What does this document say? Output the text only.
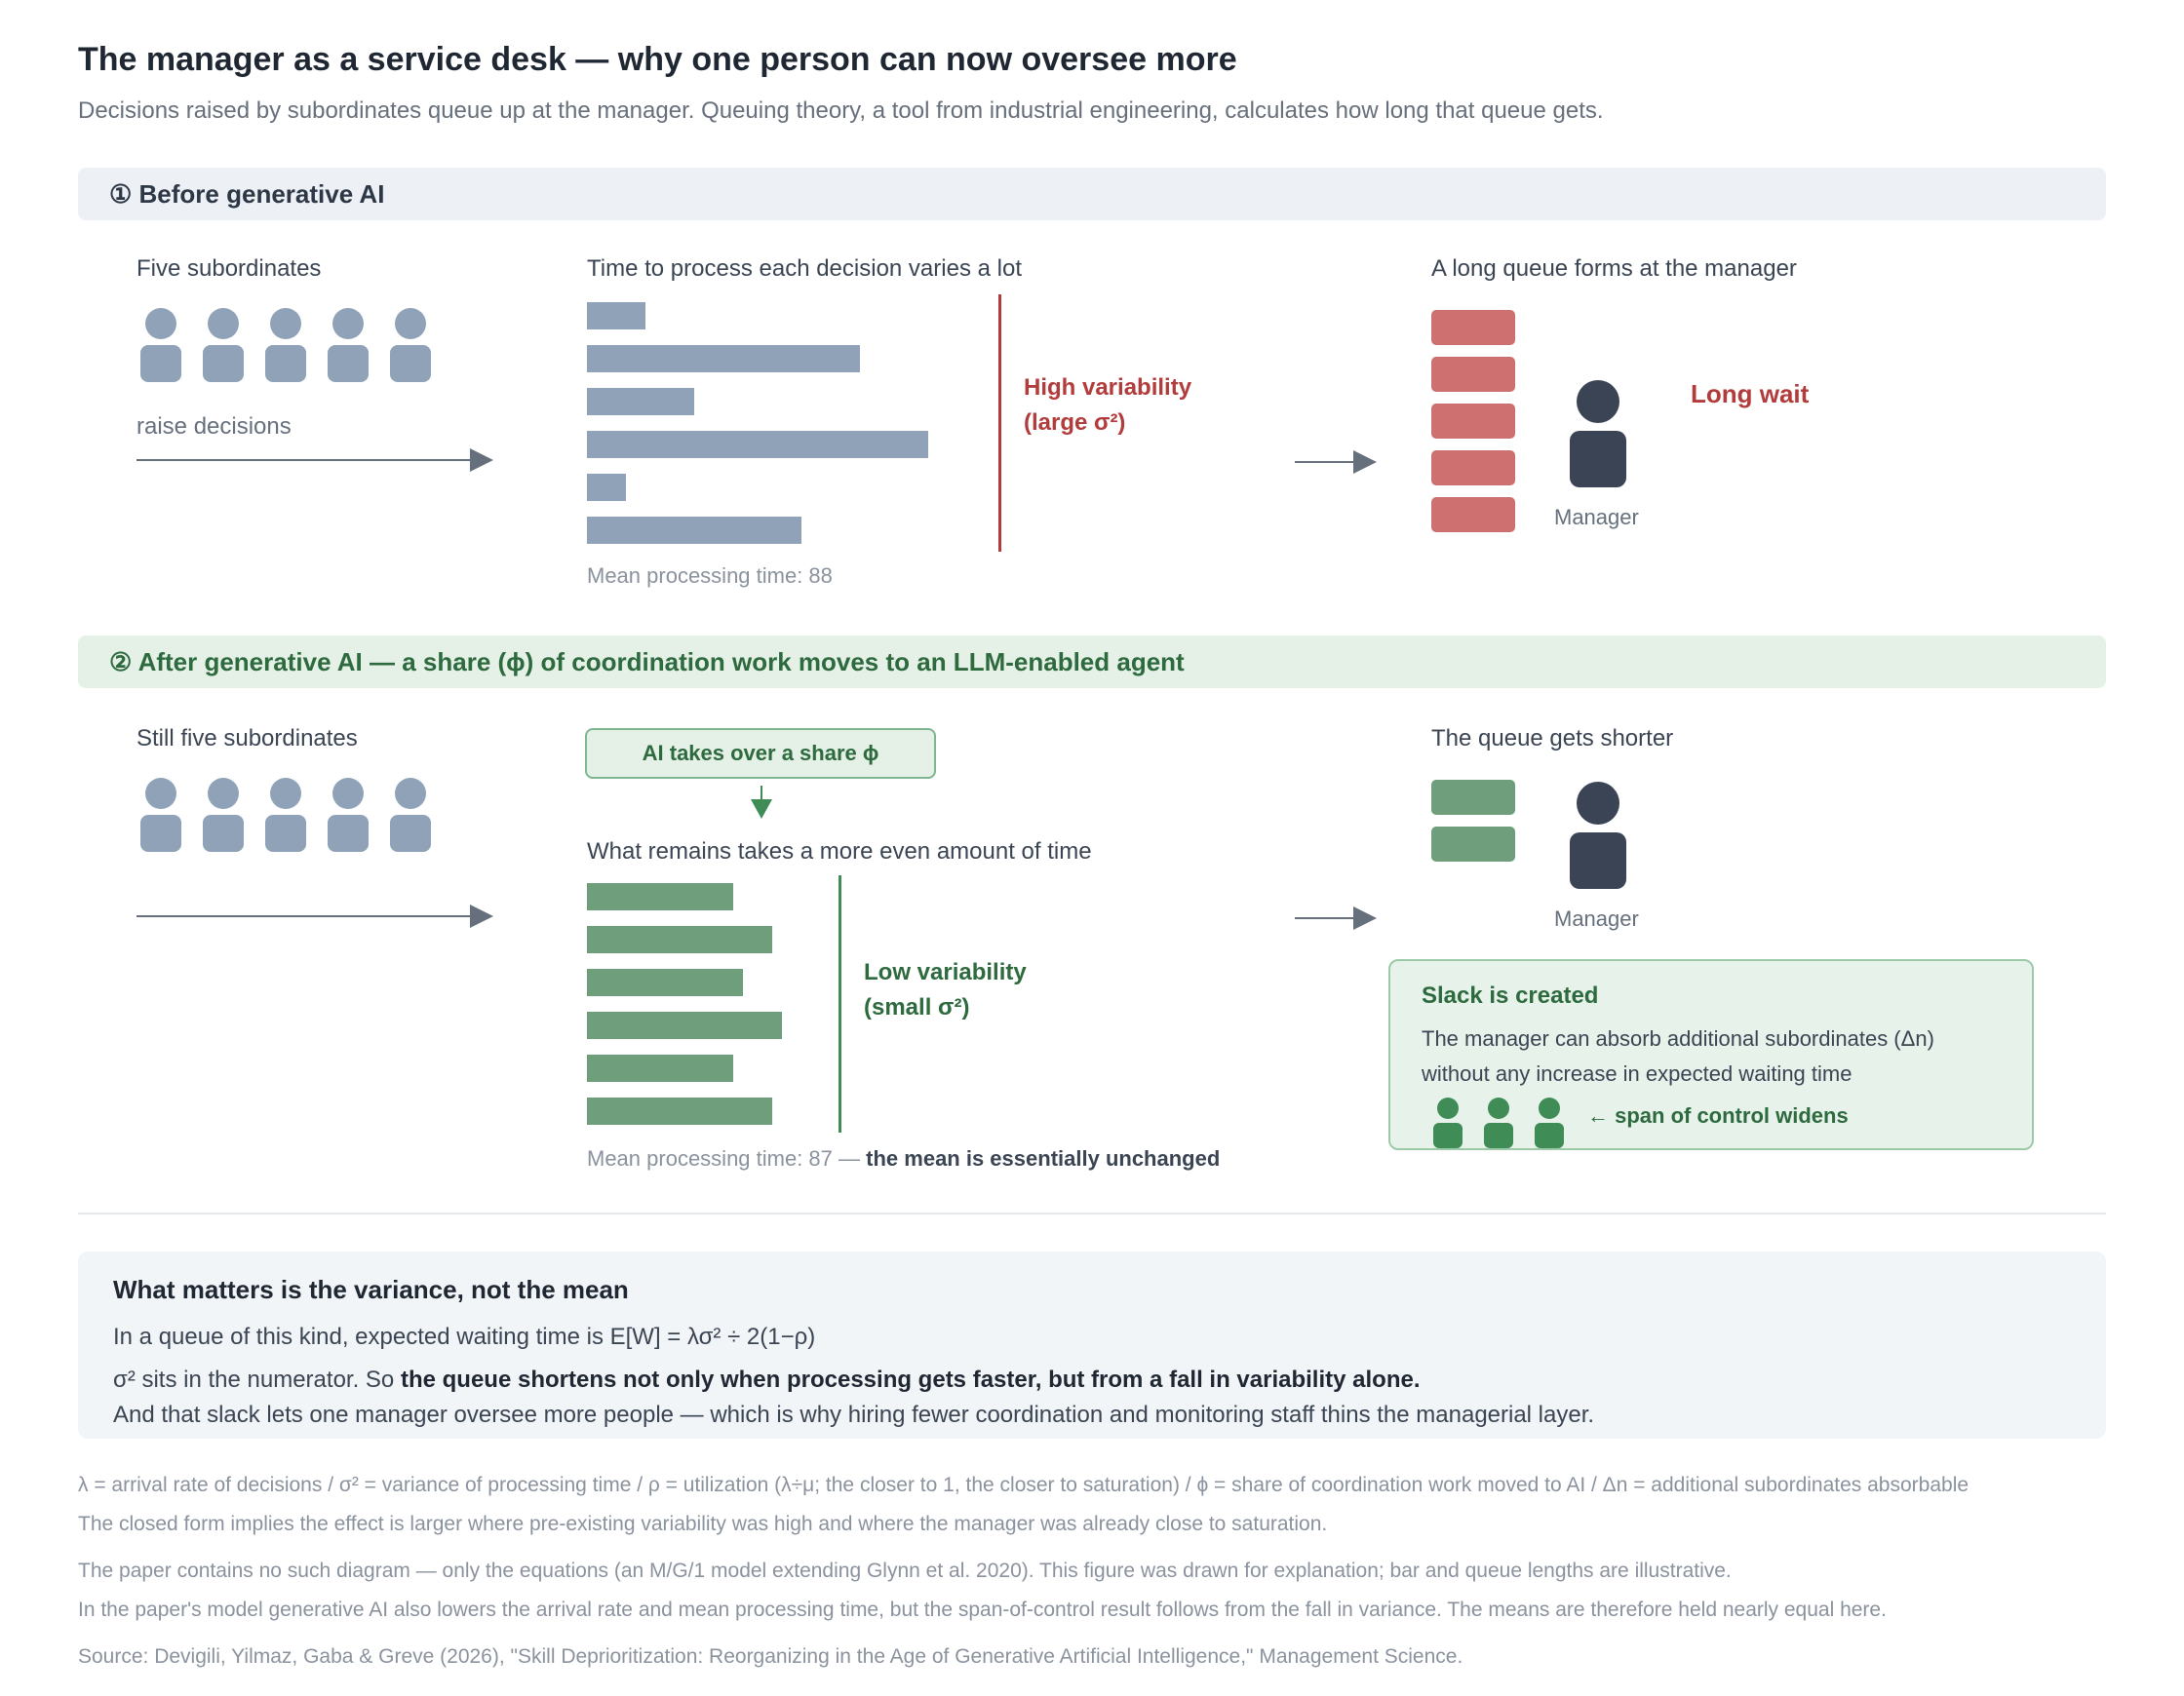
The manager as a service desk — why one person can now oversee more
Decisions raised by subordinates queue up at the manager. Queuing theory, a tool from industrial engineering, calculates how long that queue gets.
① Before generative AI
Five subordinates
raise decisions
Time to process each decision varies a lot
High variability
(large σ²)
Mean processing time: 88
A long queue forms at the manager
Manager
Long wait
② After generative AI — a share (ϕ) of coordination work moves to an LLM-enabled agent
Still five subordinates
AI takes over a share ϕ
What remains takes a more even amount of time
Low variability
(small σ²)
Mean processing time: 87 — the mean is essentially unchanged
The queue gets shorter
Manager
Slack is created
The manager can absorb additional subordinates (Δn)
without any increase in expected waiting time
← span of control widens
What matters is the variance, not the mean
In a queue of this kind, expected waiting time is E[W] = λσ² ÷ 2(1−ρ)
σ² sits in the numerator. So the queue shortens not only when processing gets faster, but from a fall in variability alone.
And that slack lets one manager oversee more people — which is why hiring fewer coordination and monitoring staff thins the managerial layer.
λ = arrival rate of decisions / σ² = variance of processing time / ρ = utilization (λ÷μ; the closer to 1, the closer to saturation) / ϕ = share of coordination work moved to AI / Δn = additional subordinates absorbable
The closed form implies the effect is larger where pre-existing variability was high and where the manager was already close to saturation.
The paper contains no such diagram — only the equations (an M/G/1 model extending Glynn et al. 2020). This figure was drawn for explanation; bar and queue lengths are illustrative.
In the paper's model generative AI also lowers the arrival rate and mean processing time, but the span-of-control result follows from the fall in variance. The means are therefore held nearly equal here.
Source: Devigili, Yilmaz, Gaba & Greve (2026), "Skill Deprioritization: Reorganizing in the Age of Generative Artificial Intelligence," Management Science.
